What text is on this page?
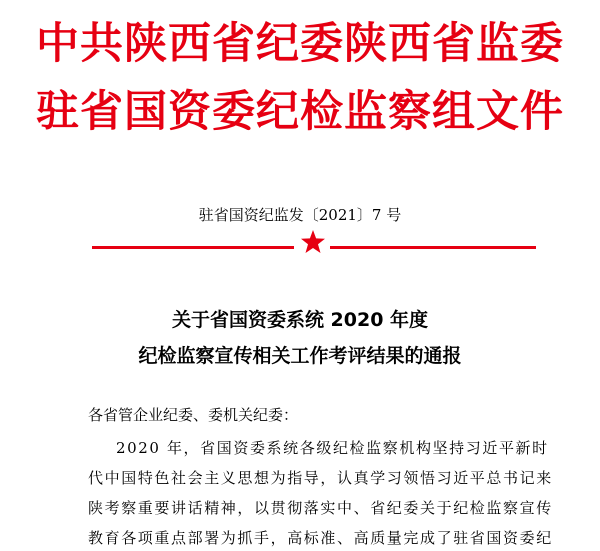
中共陕西省纪委陕西省监委
驻省国资委纪检监察组文件
驻省国资纪监发〔2021〕7 号
关于省国资委系统 2020 年度
纪检监察宣传相关工作考评结果的通报
各省管企业纪委、委机关纪委：
2020 年，省国资委系统各级纪检监察机构坚持习近平新时
代中国特色社会主义思想为指导，认真学习领悟习近平总书记来
陕考察重要讲话精神，以贯彻落实中、省纪委关于纪检监察宣传
教育各项重点部署为抓手，高标准、高质量完成了驻省国资委纪
